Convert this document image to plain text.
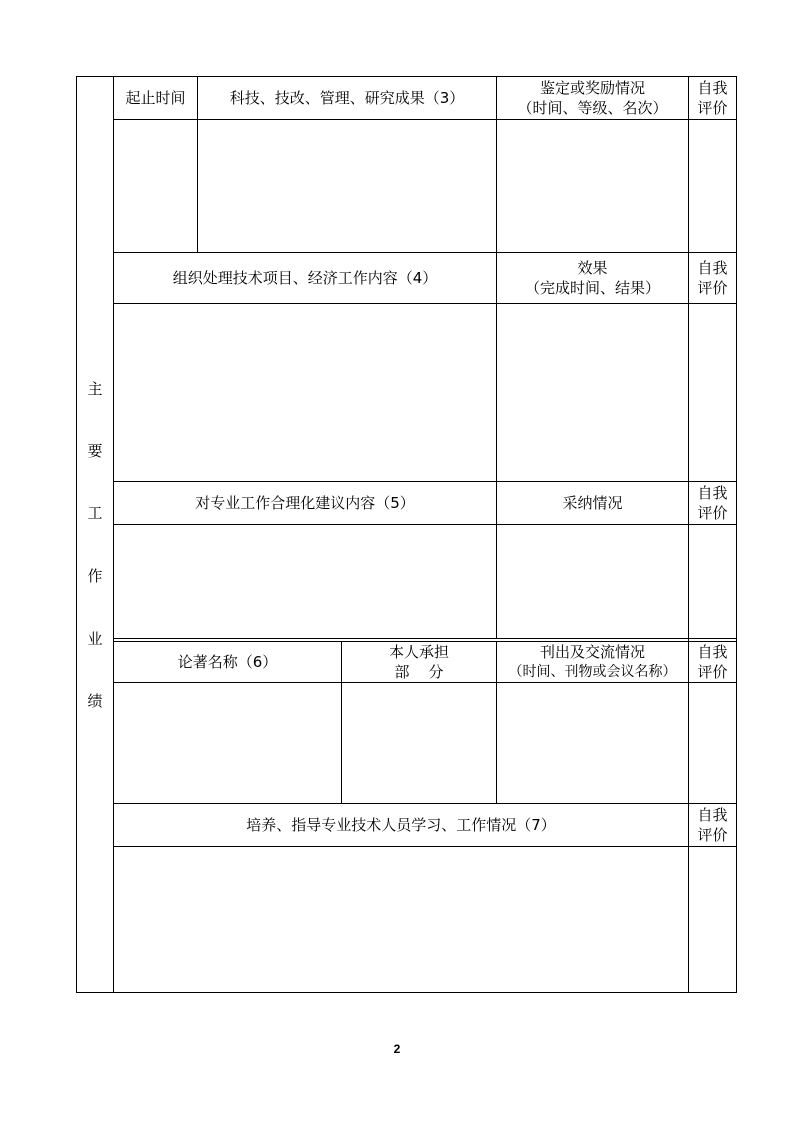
主
要
工
作
业
绩
起止时间	科技、技改、管理、研究成果（3）
鉴定或奖励情况
（时间、等级、名次）
自我
评价
组织处理技术项目、经济工作内容（4）
效果
（完成时间、结果）
自我
评价
对专业工作合理化建议内容（5）	采纳情况
自我
评价
论著名称（6）
本人承担
部    分
刊出及交流情况
（时间、刊物或会议名称）
自我
评价
培养、指导专业技术人员学习、工作情况（7）
自我
评价
2
